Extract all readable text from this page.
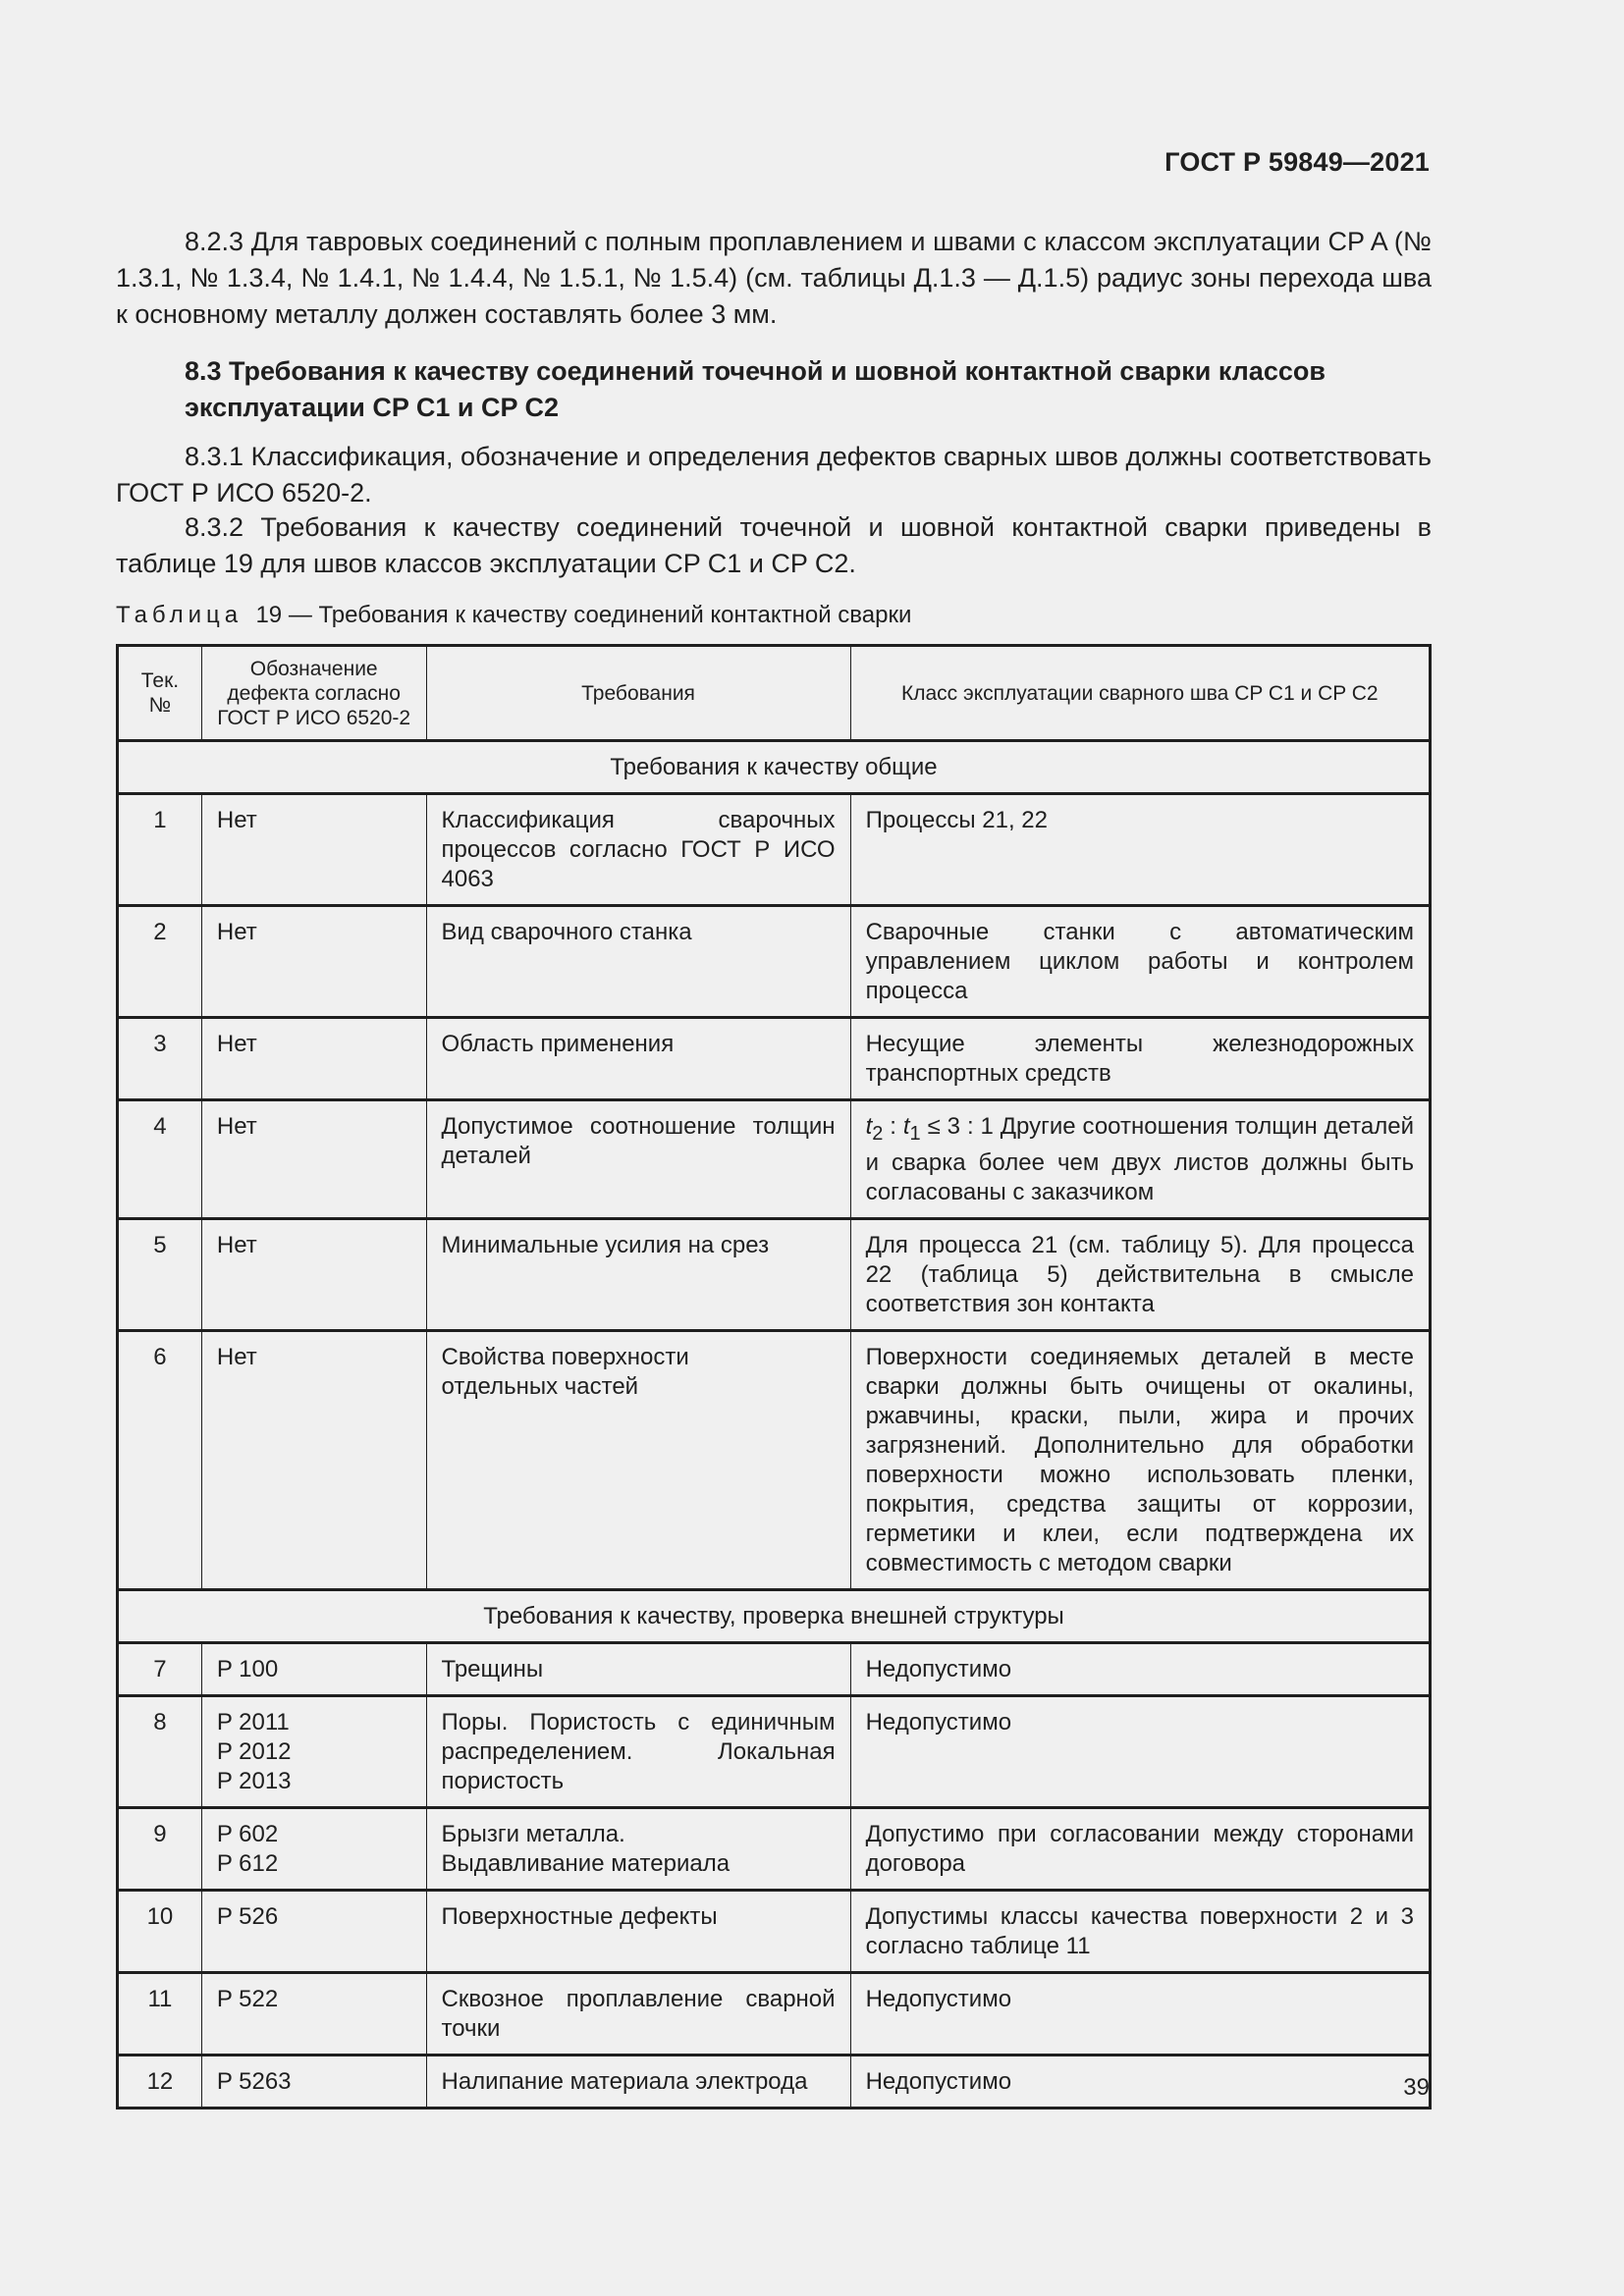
ГОСТ Р 59849—2021

8.2.3 Для тавровых соединений с полным проплавлением и швами с классом эксплуатации CP A (№ 1.3.1, № 1.3.4, № 1.4.1, № 1.4.4, № 1.5.1, № 1.5.4) (см. таблицы Д.1.3 — Д.1.5) радиус зоны перехода шва к основному металлу должен составлять более 3 мм.

8.3 Требования к качеству соединений точечной и шовной контактной сварки классов эксплуатации CP C1 и CP C2

8.3.1 Классификация, обозначение и определения дефектов сварных швов должны соответствовать ГОСТ Р ИСО 6520-2.

8.3.2 Требования к качеству соединений точечной и шовной контактной сварки приведены в таблице 19 для швов классов эксплуатации CP C1 и CP C2.

Таблица 19 — Требования к качеству соединений контактной сварки
Тек.
№	Обозначение
дефекта согласно
ГОСТ Р ИСО 6520-2	Требования	Класс эксплуатации сварного шва CP C1 и CP C2
Требования к качеству общие			
1	Нет	Классификация сварочных процессов согласно ГОСТ Р ИСО 4063	Процессы 21, 22
2	Нет	Вид сварочного станка	Сварочные станки с автоматическим управлением циклом работы и контролем процесса
3	Нет	Область применения	Несущие элементы железнодорожных транспортных средств
4	Нет	Допустимое соотношение толщин деталей	$t_2$ : $t_1 \le 3$ : 1 Другие соотношения толщин деталей и сварка более чем двух листов должны быть согласованы с заказчиком
5	Нет	Минимальные усилия на срез	Для процесса 21 (см. таблицу 5). Для процесса 22 (таблица 5) действительна в смысле соответствия зон контакта
6	Нет	Свойства поверхности
отдельных частей	Поверхности соединяемых деталей в месте сварки должны быть очищены от окалины, ржавчины, краски, пыли, жира и прочих загрязнений. Дополнительно для обработки поверхности можно использовать пленки, покрытия, средства защиты от коррозии, герметики и клеи, если подтверждена их совместимость с методом сварки
Требования к качеству, проверка внешней структуры			
7	P 100	Трещины	Недопустимо
8	P 2011
P 2012
P 2013	Поры. Пористость с единичным распределением. Локальная пористость	Недопустимо
9	P 602
P 612	Брызги металла.
Выдавливание материала	Допустимо при согласовании между сторонами договора
10	P 526	Поверхностные дефекты	Допустимы классы качества поверхности 2 и 3 согласно таблице 11
11	P 522	Сквозное проплавление сварной точки	Недопустимо
12	P 5263	Налипание материала электрода	Недопустимо	39
